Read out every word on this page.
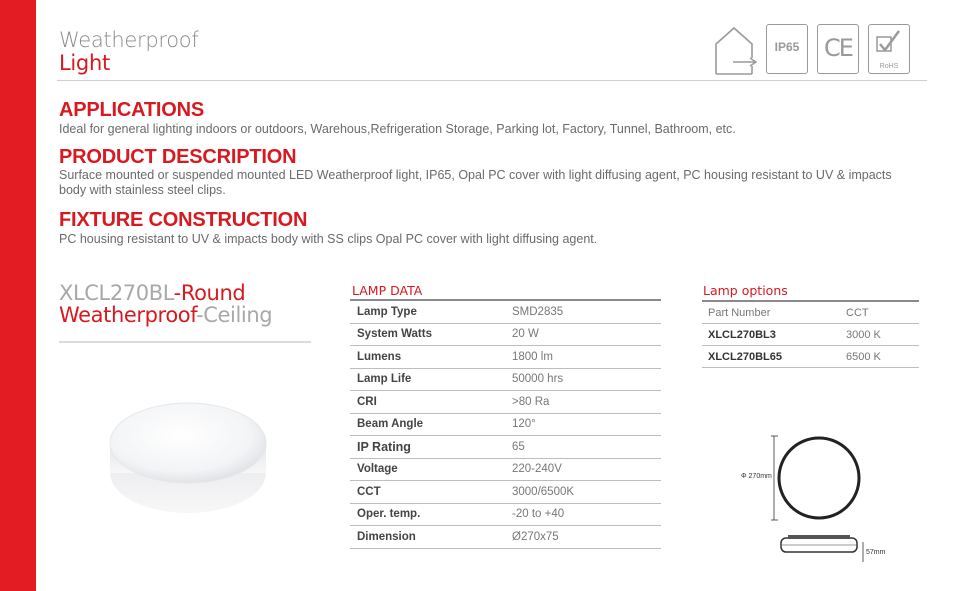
Weatherproof
Light
IP65	CE
RoHS
APPLICATIONS
Ideal for general lighting indoors or outdoors, Warehous,Refrigeration Storage, Parking lot, Factory, Tunnel, Bathroom, etc.
PRODUCT DESCRIPTION
Surface mounted or suspended mounted LED Weatherproof light, IP65, Opal PC cover with light diffusing agent, PC housing resistant to UV & impacts body with stainless steel clips.
FIXTURE CONSTRUCTION
PC housing resistant to UV & impacts body with SS clips Opal PC cover with light diffusing agent.
XLCL270BL-Round
Weatherproof-Ceiling
LAMP DATA
Lamp Type	SMD2835
System Watts	20 W
Lumens	1800 lm
Lamp Life	50000 hrs
CRI	>80 Ra
Beam Angle	120°
IP Rating	65
Voltage	220-240V
CCT	3000/6500K
Oper. temp.	-20 to +40
Dimension	Ø270x75
Lamp options
Part Number	CCT
XLCL270BL3	3000 K
XLCL270BL65	6500 K
Φ 270mm
57mm
